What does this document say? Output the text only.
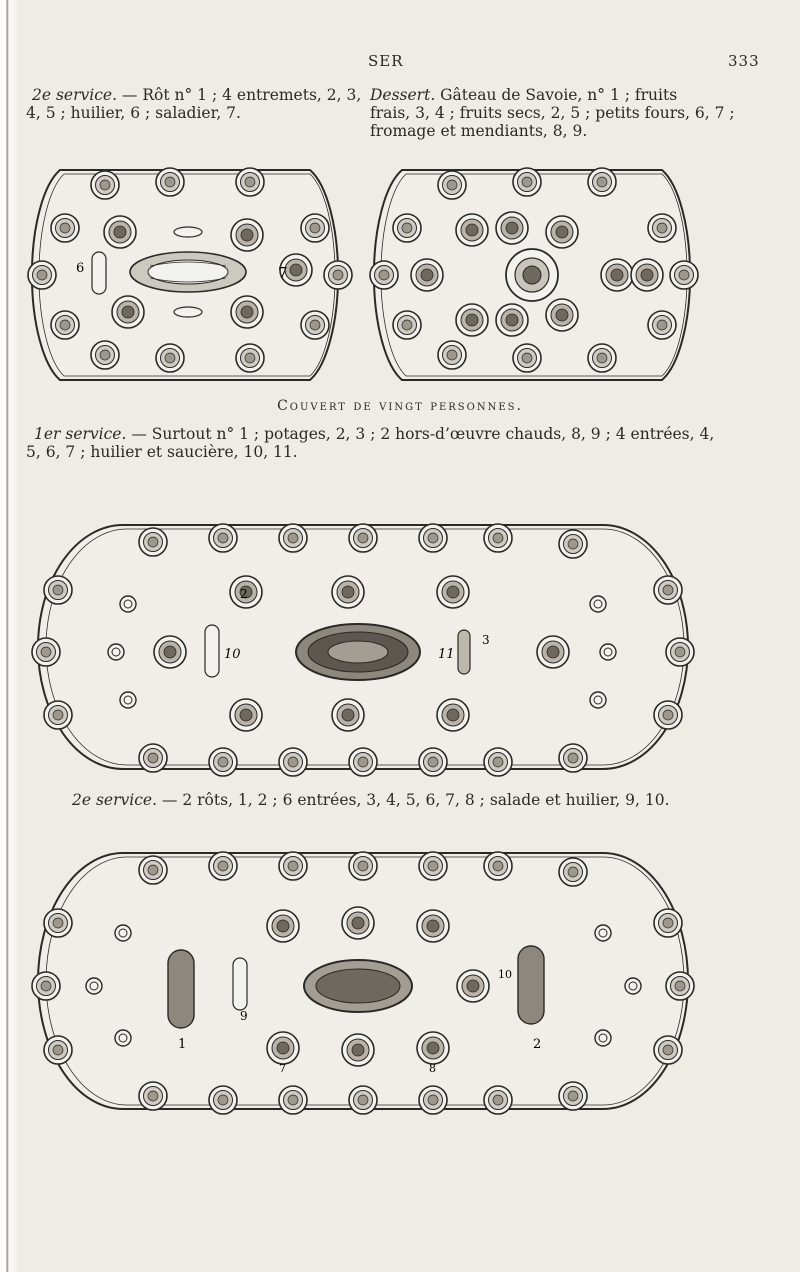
SER	333
2e service. — Rôt n° 1 ; 4 entremets, 2, 3,
4, 5 ; huilier, 6 ; saladier, 7.
Dessert. Gâteau de Savoie, n° 1 ; fruits
frais, 3, 4 ; fruits secs, 2, 5 ; petits fours, 6, 7 ;
fromage et mendiants, 8, 9.
6	7
Couvert de vingt personnes.
1er service. — Surtout n° 1 ; potages, 2, 3 ; 2 hors-d’œuvre chauds, 8, 9 ; 4 entrées, 4,
5, 6, 7 ; huilier et saucière, 10, 11.
10	11
2
3
2e service. — 2 rôts, 1, 2 ; 6 entrées, 3, 4, 5, 6, 7, 8 ; salade et huilier, 9, 10.
1	2
9
7	8
10
